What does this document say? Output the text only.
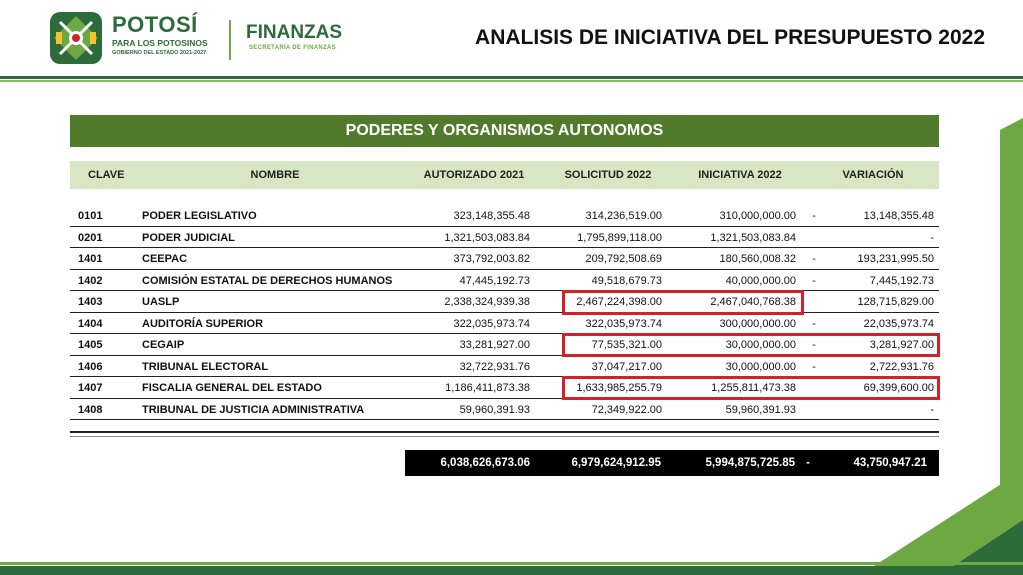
POTOSÍ
PARA LOS POTOSINOS
GOBIERNO DEL ESTADO 2021-2027
FINANZAS
SECRETARÍA DE FINANZAS	ANALISIS DE INICIATIVA DEL PRESUPUESTO 2022
PODERES Y ORGANISMOS AUTONOMOS
CLAVE	NOMBRE	AUTORIZADO 2021	SOLICITUD 2022	INICIATIVA 2022	VARIACIÓN
0101	PODER LEGISLATIVO	323,148,355.48	314,236,519.00	310,000,000.00	-	13,148,355.48
0201	PODER JUDICIAL	1,321,503,083.84	1,795,899,118.00	1,321,503,083.84	-
1401	CEEPAC	373,792,003.82	209,792,508.69	180,560,008.32	-	193,231,995.50
1402	COMISIÓN ESTATAL DE DERECHOS HUMANOS	47,445,192.73	49,518,679.73	40,000,000.00	-	7,445,192.73
1403	UASLP	2,338,324,939.38	2,467,224,398.00	2,467,040,768.38	128,715,829.00
1404	AUDITORÍA SUPERIOR	322,035,973.74	322,035,973.74	300,000,000.00	-	22,035,973.74
1405	CEGAIP	33,281,927.00	77,535,321.00	30,000,000.00	-	3,281,927.00
1406	TRIBUNAL ELECTORAL	32,722,931.76	37,047,217.00	30,000,000.00	-	2,722,931.76
1407	FISCALIA GENERAL DEL ESTADO	1,186,411,873.38	1,633,985,255.79	1,255,811,473.38	69,399,600.00
1408	TRIBUNAL DE JUSTICIA ADMINISTRATIVA	59,960,391.93	72,349,922.00	59,960,391.93	-
6,038,626,673.06	6,979,624,912.95	5,994,875,725.85 -	43,750,947.21
